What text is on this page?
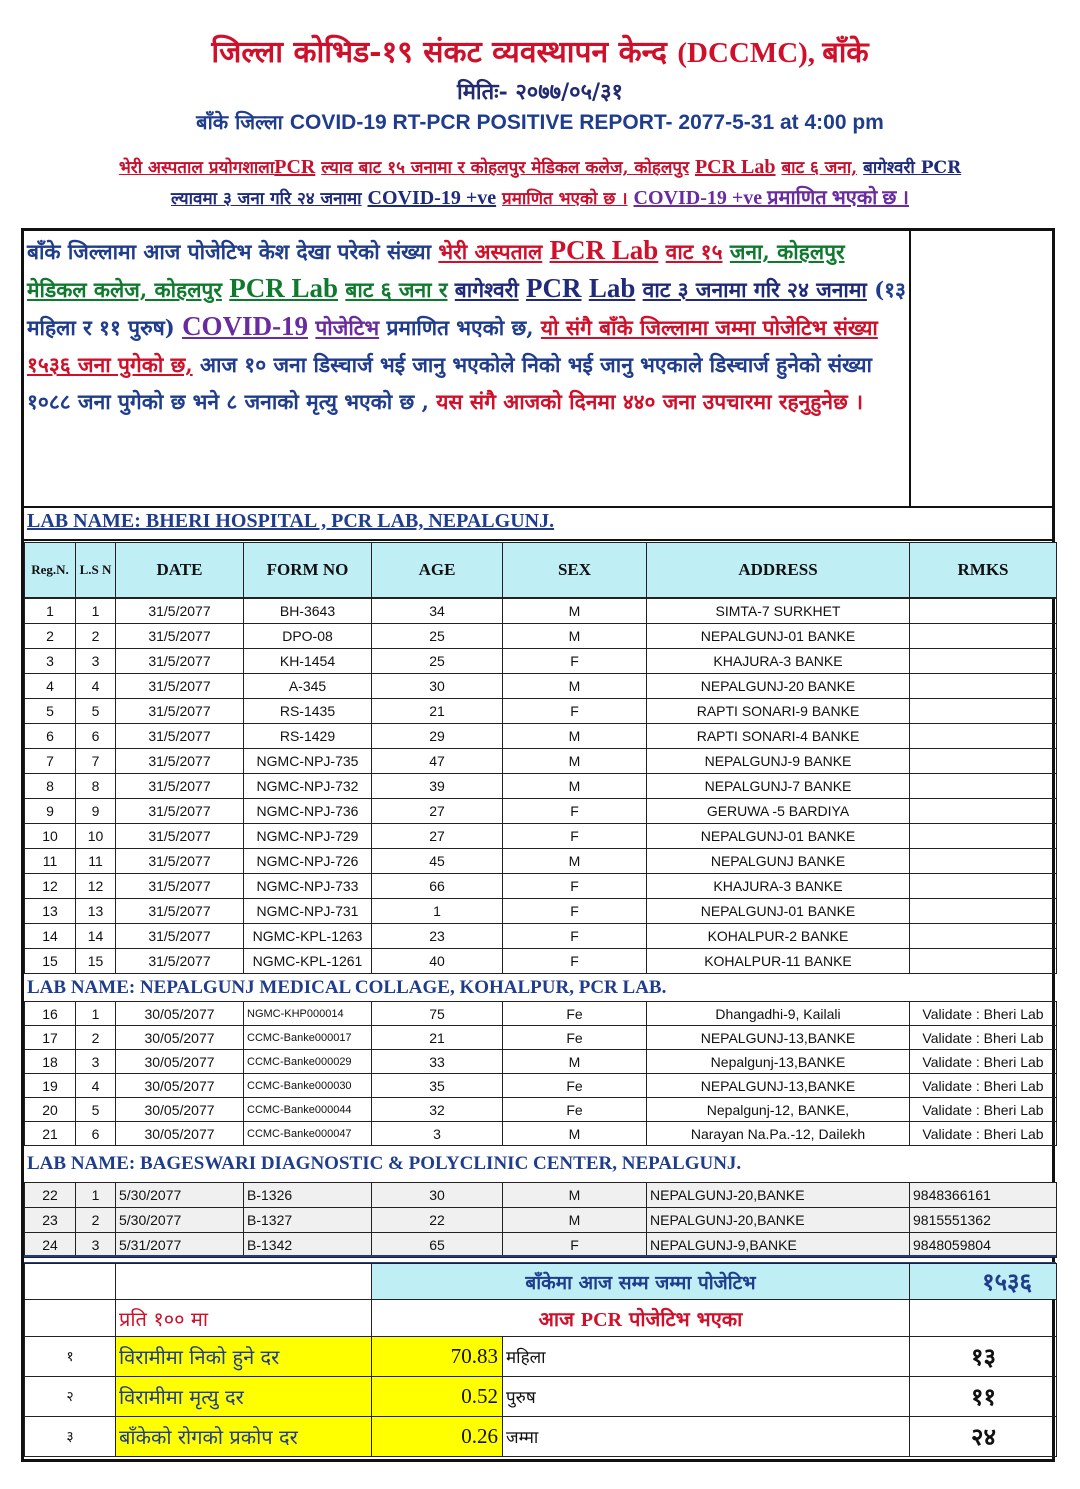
जिल्ला कोभिड-१९ संकट व्यवस्थापन केन्द (DCCMC), बाँके
मितिः- २०७७/०५/३१
बाँके जिल्ला COVID-19 RT-PCR POSITIVE REPORT- 2077-5-31 at 4:00 pm
भेरी अस्पताल प्रयोगशालाPCR ल्याव बाट १५ जनामा र कोहलपुर मेडिकल कलेज, कोहलपुर PCR Lab बाट ६ जना, बागेश्वरी PCR
ल्यावमा ३ जना गरि २४ जनामा COVID-19 +ve प्रमाणित भएको छ । COVID-19 +ve प्रमाणित भएको छ ।
बाँके जिल्लामा आज पोजेटिभ केश देखा परेको संख्या भेरी अस्पताल PCR Lab वाट १५ जना, कोहलपुर मेडिकल कलेज, कोहलपुर PCR Lab बाट ६ जना र बागेश्वरी PCR Lab वाट ३ जनामा गरि २४ जनामा (१३ महिला र ११ पुरुष) COVID-19 पोजेटिभ प्रमाणित भएको छ, यो संगै बाँके जिल्लामा जम्मा पोजेटिभ संख्या १५३६ जना पुगेको छ, आज १० जना डिस्चार्ज भई जानु भएकोले निको भई जानु भएकाले डिस्चार्ज हुनेको संख्या १०८८ जना पुगेको छ भने ८ जनाको मृत्यु भएको छ , यस संगै आजको दिनमा ४४० जना उपचारमा रहनुहुनेछ ।
LAB NAME: BHERI HOSPITAL , PCR LAB, NEPALGUNJ.
Reg.N.	L.S N	DATE	FORM NO	AGE	SEX	ADDRESS	RMKS
1	1	31/5/2077	BH-3643	34	M	SIMTA-7 SURKHET	
2	2	31/5/2077	DPO-08	25	M	NEPALGUNJ-01 BANKE	
3	3	31/5/2077	KH-1454	25	F	KHAJURA-3 BANKE	
4	4	31/5/2077	A-345	30	M	NEPALGUNJ-20 BANKE	
5	5	31/5/2077	RS-1435	21	F	RAPTI SONARI-9 BANKE	
6	6	31/5/2077	RS-1429	29	M	RAPTI SONARI-4 BANKE	
7	7	31/5/2077	NGMC-NPJ-735	47	M	NEPALGUNJ-9 BANKE	
8	8	31/5/2077	NGMC-NPJ-732	39	M	NEPALGUNJ-7 BANKE	
9	9	31/5/2077	NGMC-NPJ-736	27	F	GERUWA -5 BARDIYA	
10	10	31/5/2077	NGMC-NPJ-729	27	F	NEPALGUNJ-01 BANKE	
11	11	31/5/2077	NGMC-NPJ-726	45	M	NEPALGUNJ BANKE	
12	12	31/5/2077	NGMC-NPJ-733	66	F	KHAJURA-3 BANKE	
13	13	31/5/2077	NGMC-NPJ-731	1	F	NEPALGUNJ-01 BANKE	
14	14	31/5/2077	NGMC-KPL-1263	23	F	KOHALPUR-2 BANKE	
15	15	31/5/2077	NGMC-KPL-1261	40	F	KOHALPUR-11 BANKE	
LAB NAME: NEPALGUNJ MEDICAL COLLAGE, KOHALPUR, PCR LAB.
16	1	30/05/2077	NGMC-KHP000014	75	Fe	Dhangadhi-9, Kailali	Validate : Bheri Lab
17	2	30/05/2077	CCMC-Banke000017	21	Fe	NEPALGUNJ-13,BANKE	Validate : Bheri Lab
18	3	30/05/2077	CCMC-Banke000029	33	M	Nepalgunj-13,BANKE	Validate : Bheri Lab
19	4	30/05/2077	CCMC-Banke000030	35	Fe	NEPALGUNJ-13,BANKE	Validate : Bheri Lab
20	5	30/05/2077	CCMC-Banke000044	32	Fe	Nepalgunj-12, BANKE,	Validate : Bheri Lab
21	6	30/05/2077	CCMC-Banke000047	3	M	Narayan Na.Pa.-12, Dailekh	Validate : Bheri Lab
LAB NAME: BAGESWARI DIAGNOSTIC & POLYCLINIC CENTER, NEPALGUNJ.
22	1	5/30/2077	B-1326	30	M	NEPALGUNJ-20,BANKE	9848366161
23	2	5/30/2077	B-1327	22	M	NEPALGUNJ-20,BANKE	9815551362
24	3	5/31/2077	B-1342	65	F	NEPALGUNJ-9,BANKE	9848059804
		बाँकेमा आज सम्म जम्मा पोजेटिभ		१५३६
	प्रति १०० मा	आज PCR पोजेटिभ भएका		
१	विरामीमा निको हुने दर	70.83	महिला	१३
२	विरामीमा मृत्यु दर	0.52	पुरुष	११
३	बाँकेको रोगको प्रकोप दर	0.26	जम्मा	२४
